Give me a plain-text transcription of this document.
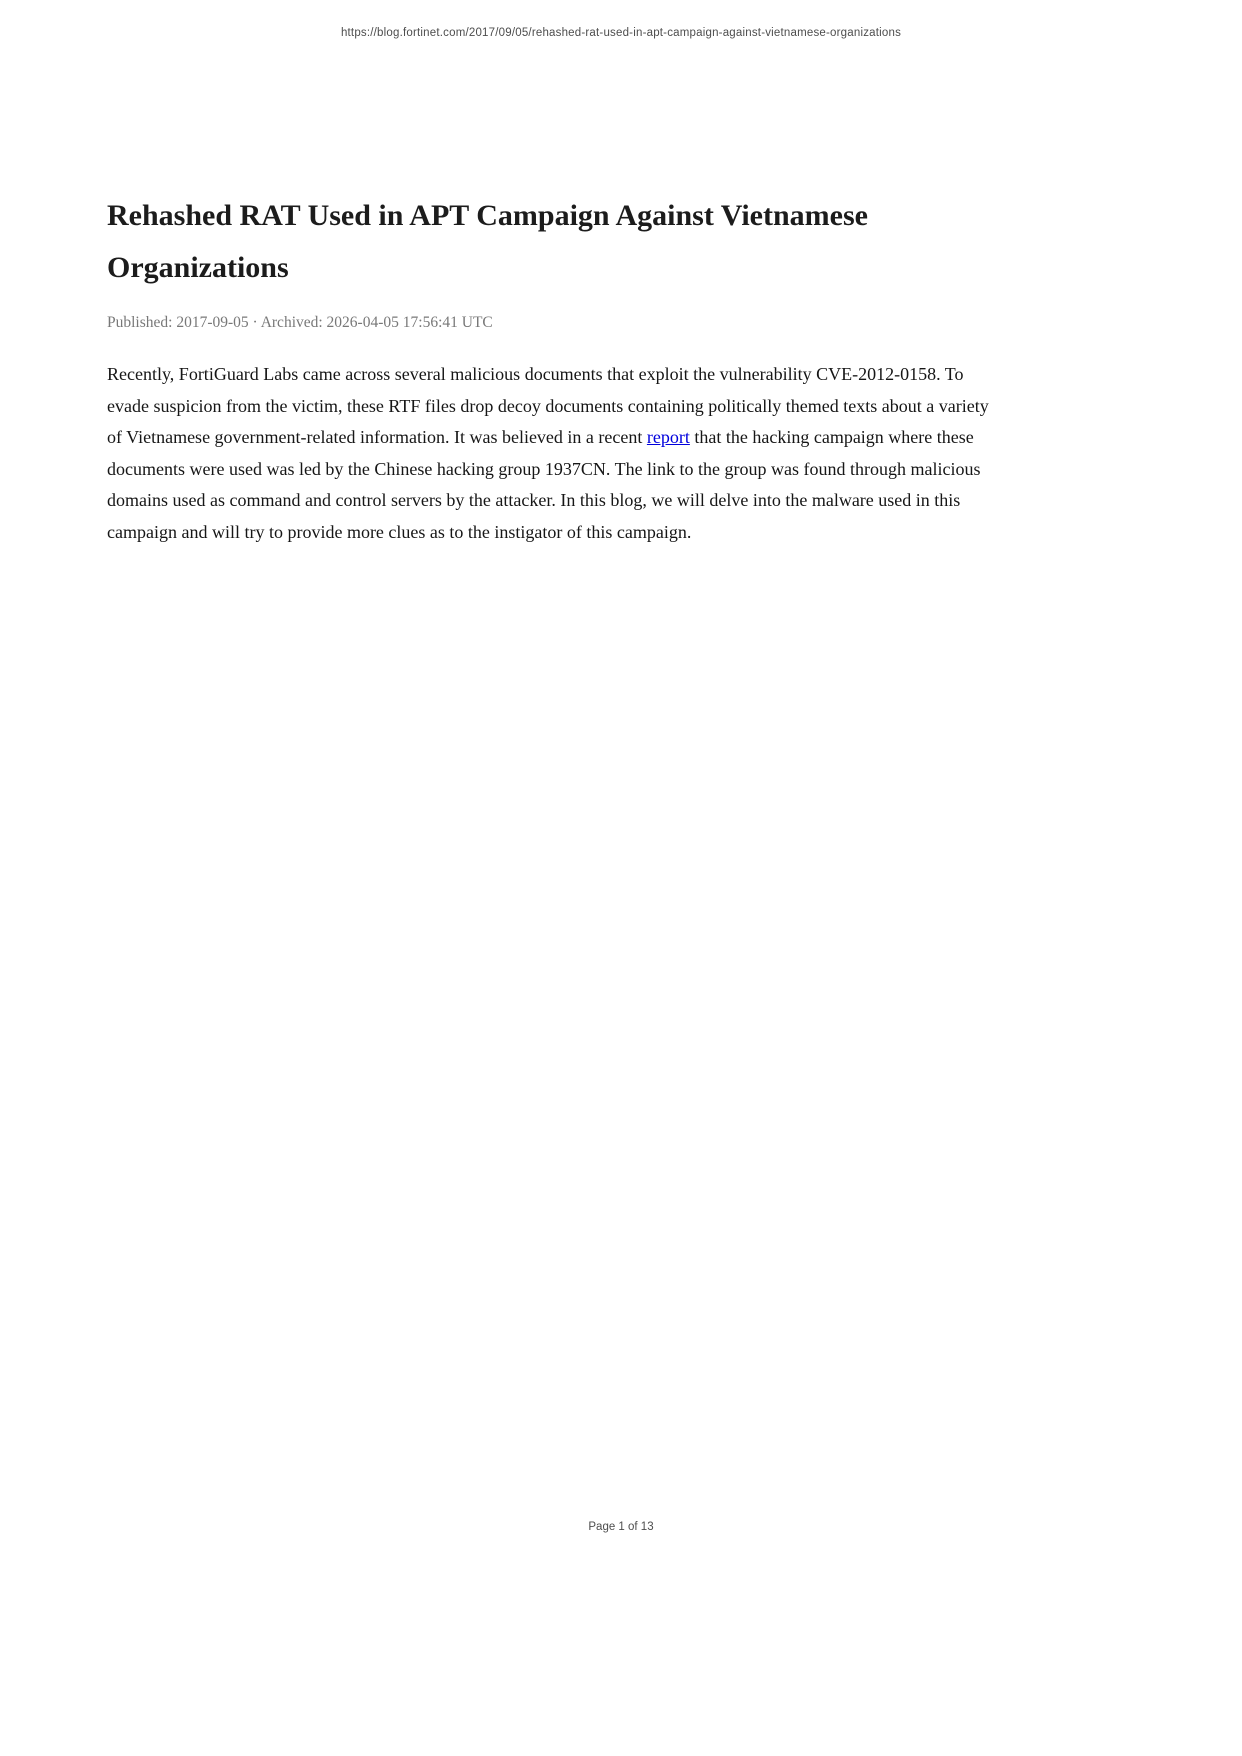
https://blog.fortinet.com/2017/09/05/rehashed-rat-used-in-apt-campaign-against-vietnamese-organizations
Rehashed RAT Used in APT Campaign Against Vietnamese Organizations

Published: 2017-09-05 · Archived: 2026-04-05 17:56:41 UTC

Recently, FortiGuard Labs came across several malicious documents that exploit the vulnerability CVE-2012-0158. To evade suspicion from the victim, these RTF files drop decoy documents containing politically themed texts about a variety of Vietnamese government-related information. It was believed in a recent report that the hacking campaign where these documents were used was led by the Chinese hacking group 1937CN. The link to the group was found through malicious domains used as command and control servers by the attacker. In this blog, we will delve into the malware used in this campaign and will try to provide more clues as to the instigator of this campaign.

Page 1 of 13
